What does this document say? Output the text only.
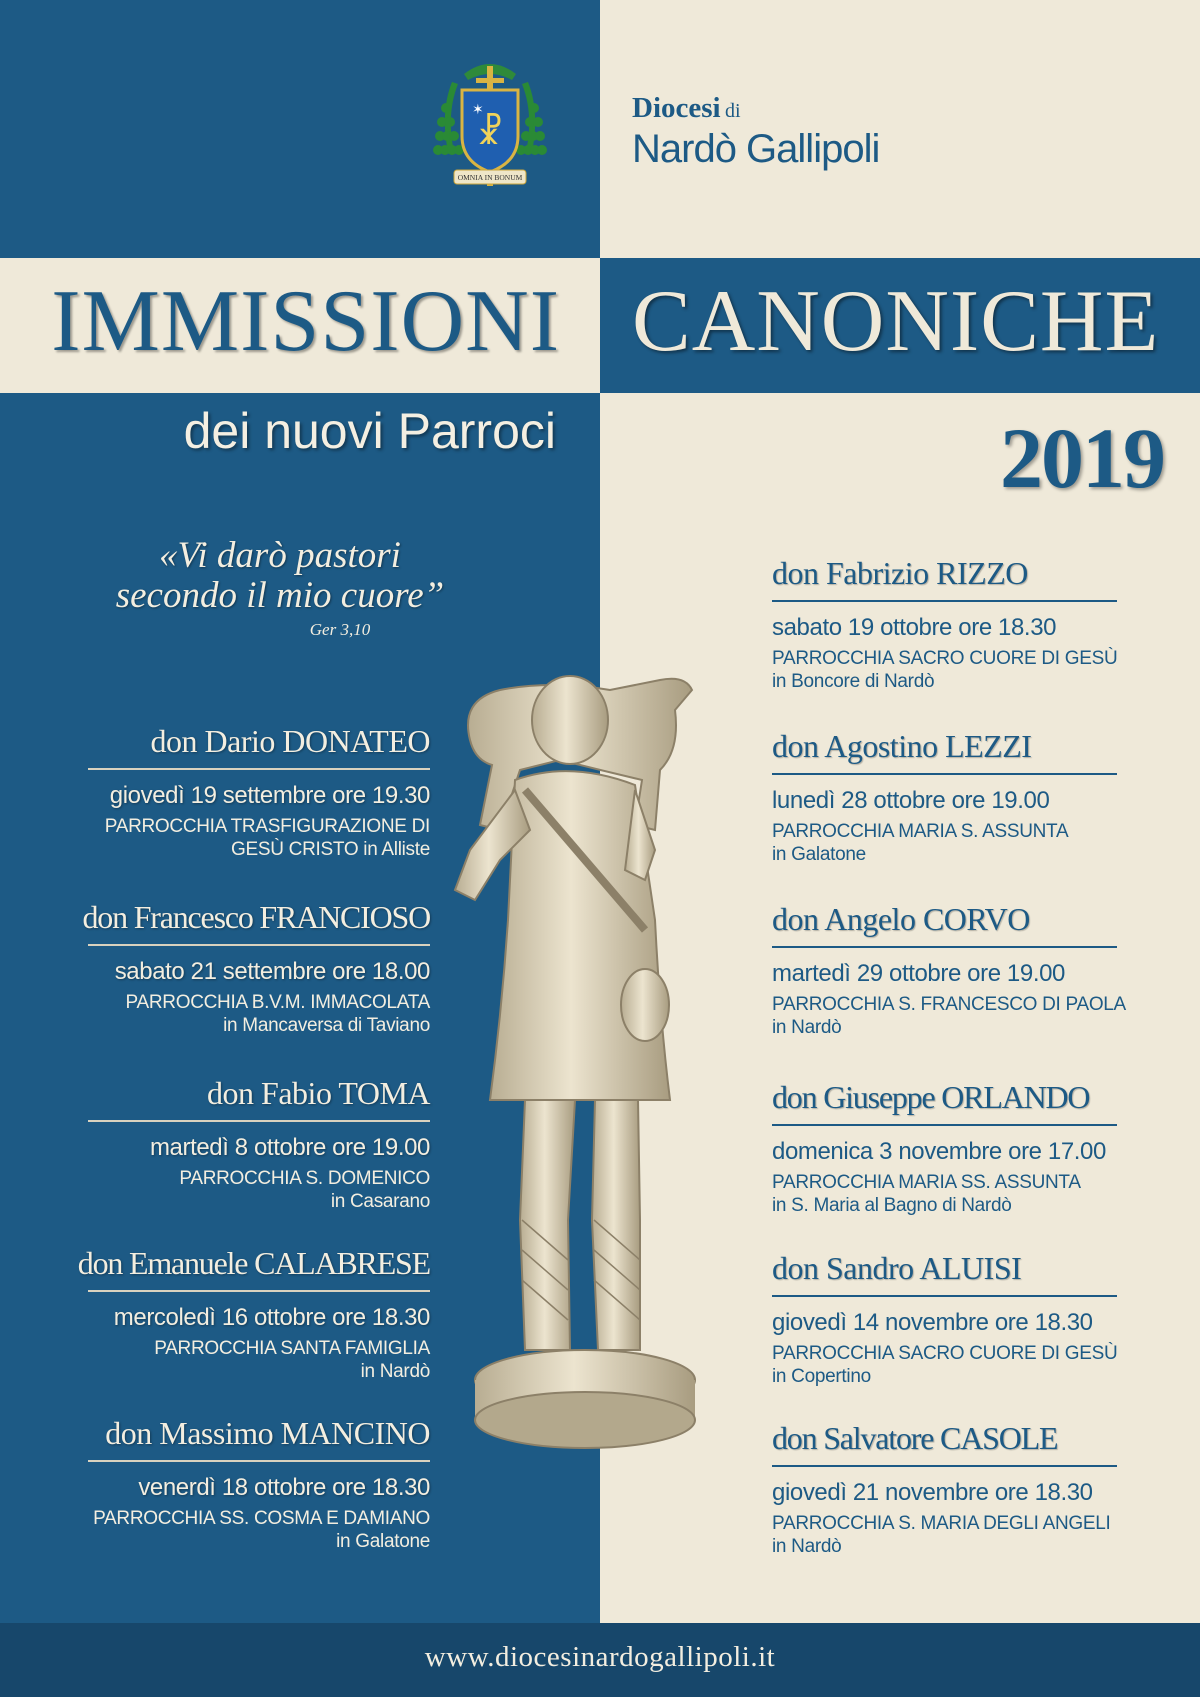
☧
✶
OMNIA IN BONUM
Diocesi di
Nardò Gallipoli
IMMISSIONI CANONICHE
dei nuovi Parroci	2019
«Vi darò pastori
secondo il mio cuore”
Ger 3,10
don Dario DONATEO
giovedì 19 settembre ore 19.30
PARROCCHIA TRASFIGURAZIONE DI
GESÙ CRISTO in Alliste
don Francesco FRANCIOSO
sabato 21 settembre ore 18.00
PARROCCHIA B.V.M. IMMACOLATA
in Mancaversa di Taviano
don Fabio TOMA
martedì 8 ottobre ore 19.00
PARROCCHIA S. DOMENICO
in Casarano
don Emanuele CALABRESE
mercoledì 16 ottobre ore 18.30
PARROCCHIA SANTA FAMIGLIA
in Nardò
don Massimo MANCINO
venerdì 18 ottobre ore 18.30
PARROCCHIA SS. COSMA E DAMIANO
in Galatone
don Fabrizio RIZZO
sabato 19 ottobre ore 18.30
PARROCCHIA SACRO CUORE DI GESÙ
in Boncore di Nardò
don Agostino LEZZI
lunedì 28 ottobre ore 19.00
PARROCCHIA MARIA S. ASSUNTA
in Galatone
don Angelo CORVO
martedì 29 ottobre ore 19.00
PARROCCHIA S. FRANCESCO DI PAOLA
in Nardò
don Giuseppe ORLANDO
domenica 3 novembre ore 17.00
PARROCCHIA MARIA SS. ASSUNTA
in S. Maria al Bagno di Nardò
don Sandro ALUISI
giovedì 14 novembre ore 18.30
PARROCCHIA SACRO CUORE DI GESÙ
in Copertino
don Salvatore CASOLE
giovedì 21 novembre ore 18.30
PARROCCHIA S. MARIA DEGLI ANGELI
in Nardò
www.diocesinardogallipoli.it
